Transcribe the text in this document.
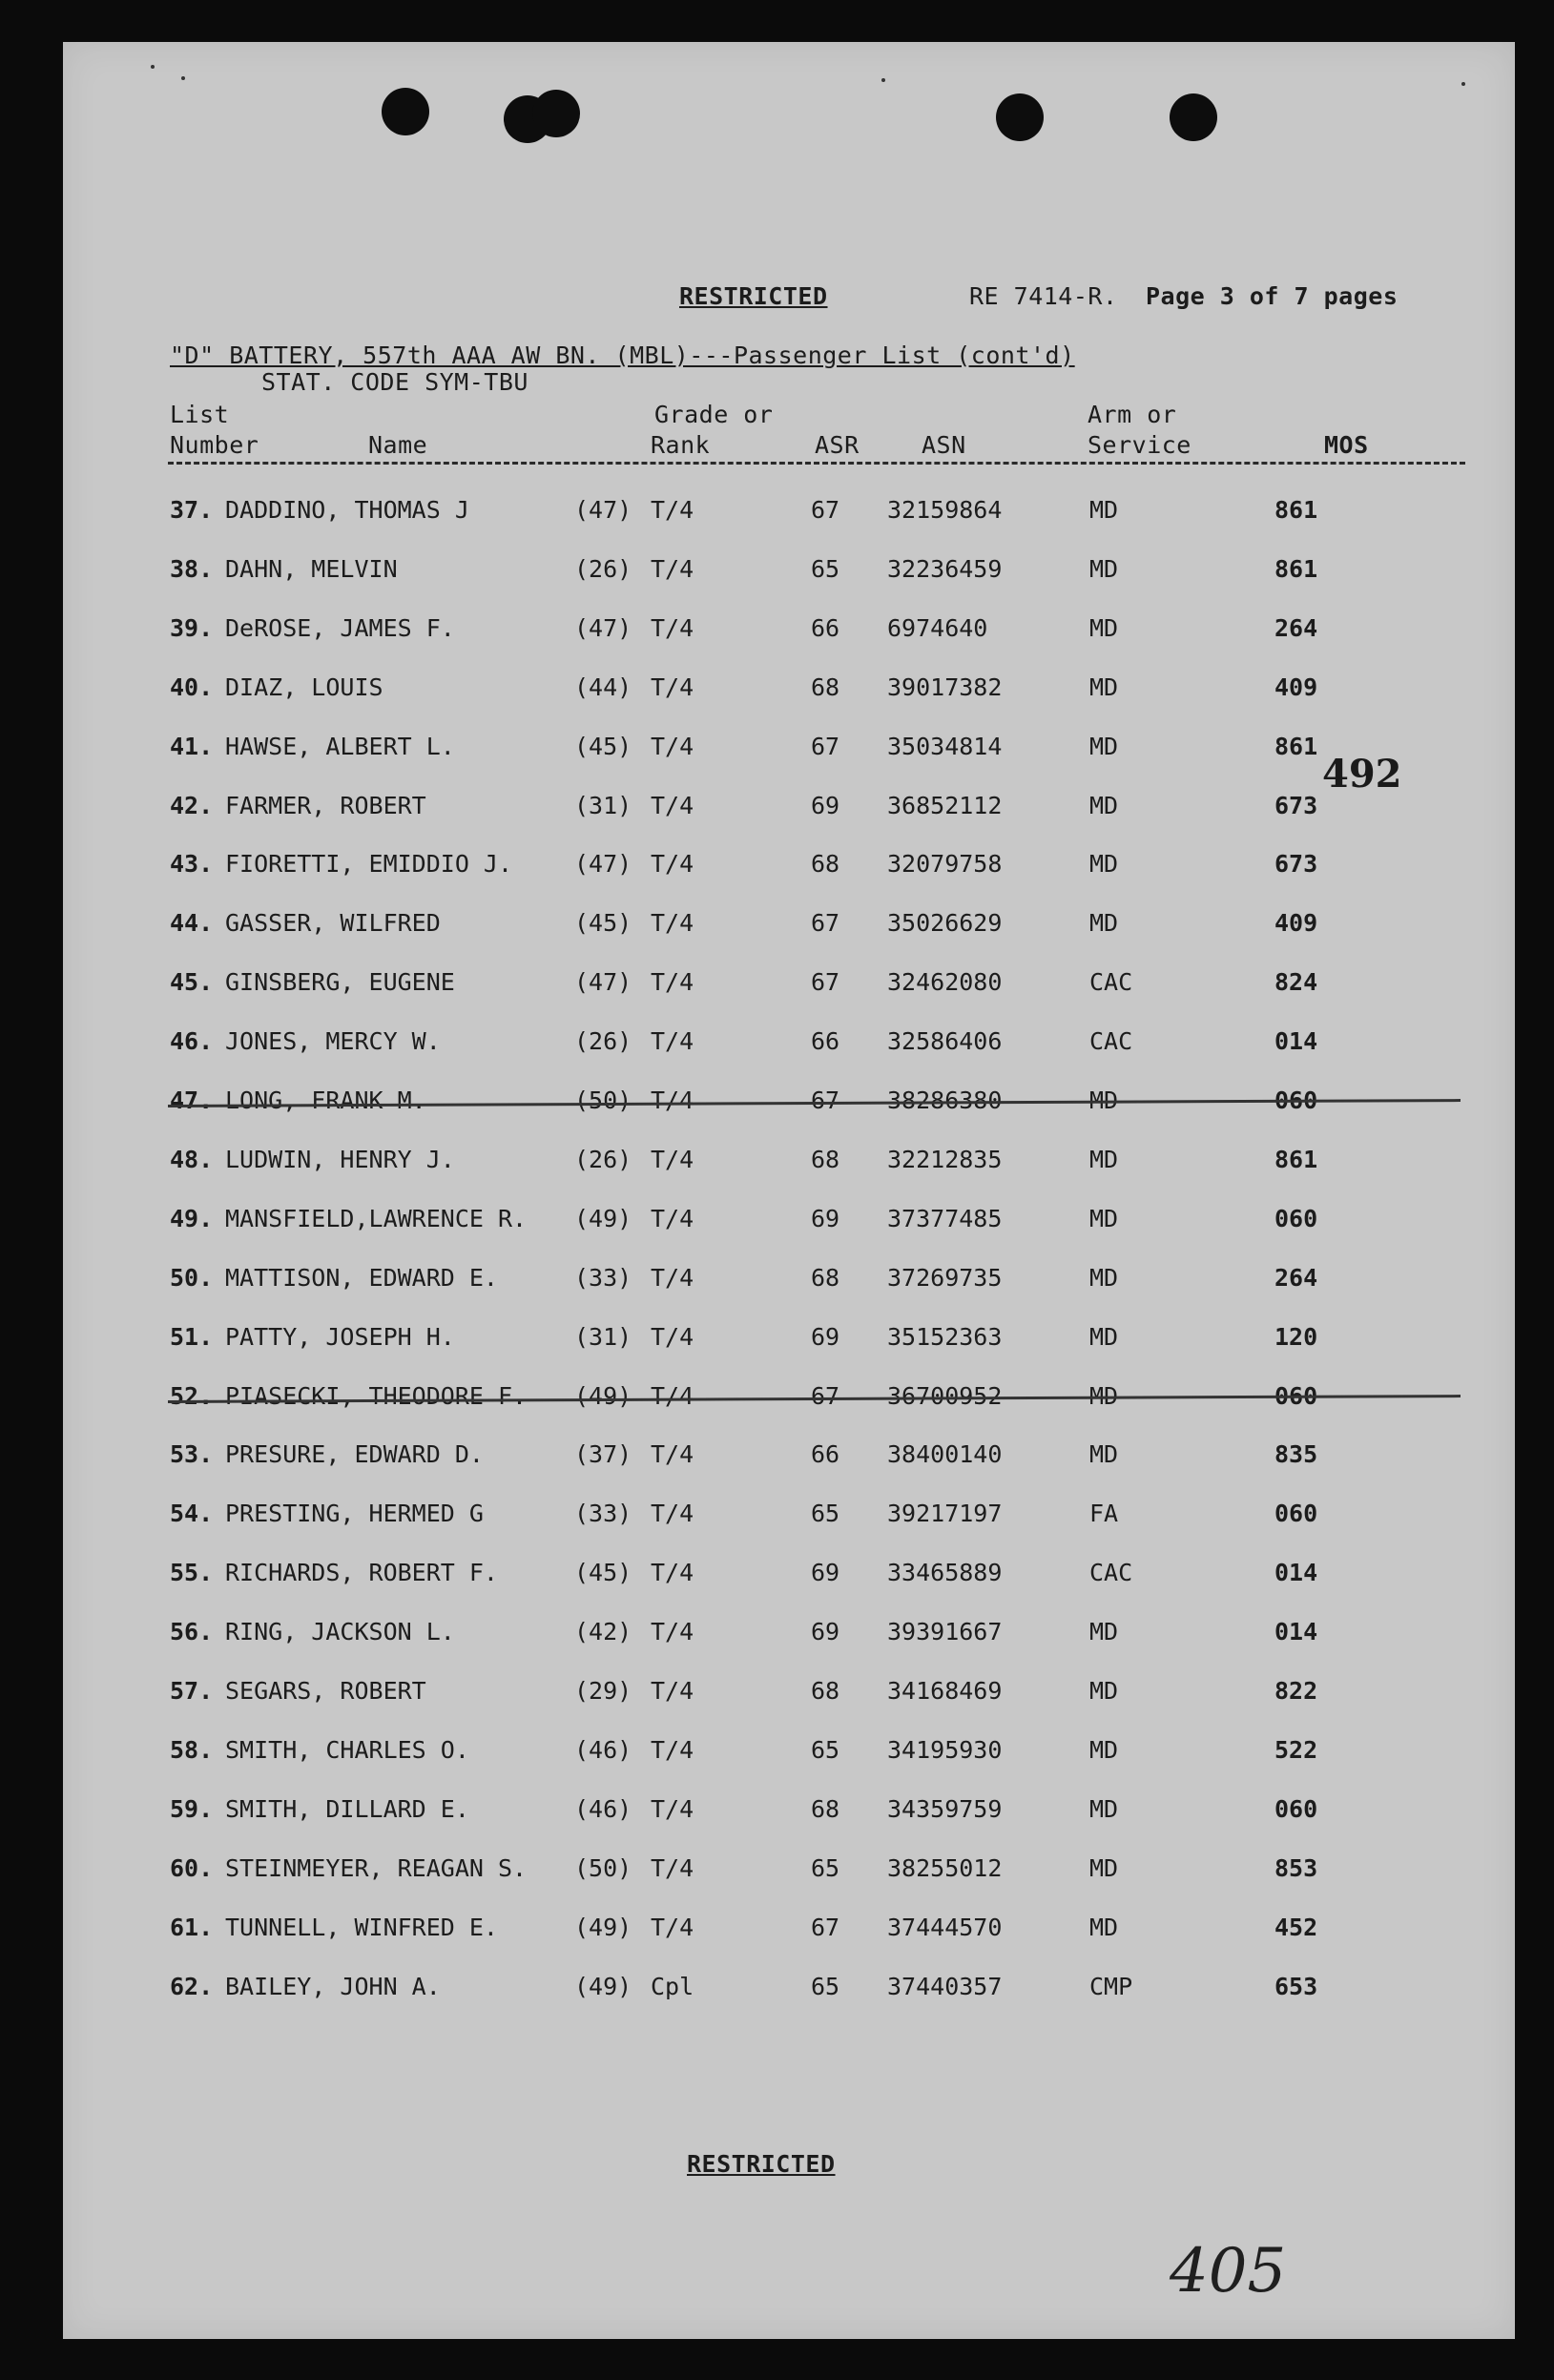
RESTRICTED	RE 7414-R. Page 3 of 7 pages
"D" BATTERY, 557th AAA AW BN. (MBL)---Passenger List (cont'd)
STAT. CODE SYM-TBU
List
Number	Name
Grade or
Rank	ASR	ASN
Arm or
Service	MOS
37. DADDINO, THOMAS J	(47) T/4	67 32159864	MD	861
38. DAHN, MELVIN	(26) T/4	65 32236459	MD	861
39. DeROSE, JAMES F.	(47) T/4	66 6974640	MD	264
40. DIAZ, LOUIS	(44) T/4	68 39017382	MD	409
41. HAWSE, ALBERT L.	(45) T/4	67 35034814	MD	861
42. FARMER, ROBERT	(31) T/4	69 36852112	MD	673
43. FIORETTI, EMIDDIO J.	(47) T/4	68 32079758	MD	673
44. GASSER, WILFRED	(45) T/4	67 35026629	MD	409
45. GINSBERG, EUGENE	(47) T/4	67 32462080	CAC	824
46. JONES, MERCY W.	(26) T/4	66 32586406	CAC	014
47. LONG, FRANK M.	(50) T/4	67 38286380	MD	060
48. LUDWIN, HENRY J.	(26) T/4	68 32212835	MD	861
49. MANSFIELD,LAWRENCE R. (49) T/4	69 37377485	MD	060
50. MATTISON, EDWARD E.	(33) T/4	68 37269735	MD	264
51. PATTY, JOSEPH H.	(31) T/4	69 35152363	MD	120
52. PIASECKI, THEODORE F. (49) T/4	67 36700952	MD	060
53. PRESURE, EDWARD D.	(37) T/4	66 38400140	MD	835
54. PRESTING, HERMED G	(33) T/4	65 39217197	FA	060
55. RICHARDS, ROBERT F.	(45) T/4	69 33465889	CAC	014
56. RING, JACKSON L.	(42) T/4	69 39391667	MD	014
57. SEGARS, ROBERT	(29) T/4	68 34168469	MD	822
58. SMITH, CHARLES O.	(46) T/4	65 34195930	MD	522
59. SMITH, DILLARD E.	(46) T/4	68 34359759	MD	060
60. STEINMEYER, REAGAN S. (50) T/4	65 38255012	MD	853
61. TUNNELL, WINFRED E.	(49) T/4	67 37444570	MD	452
62. BAILEY, JOHN A.	(49) Cpl	65 37440357	CMP	653
492
RESTRICTED
405
